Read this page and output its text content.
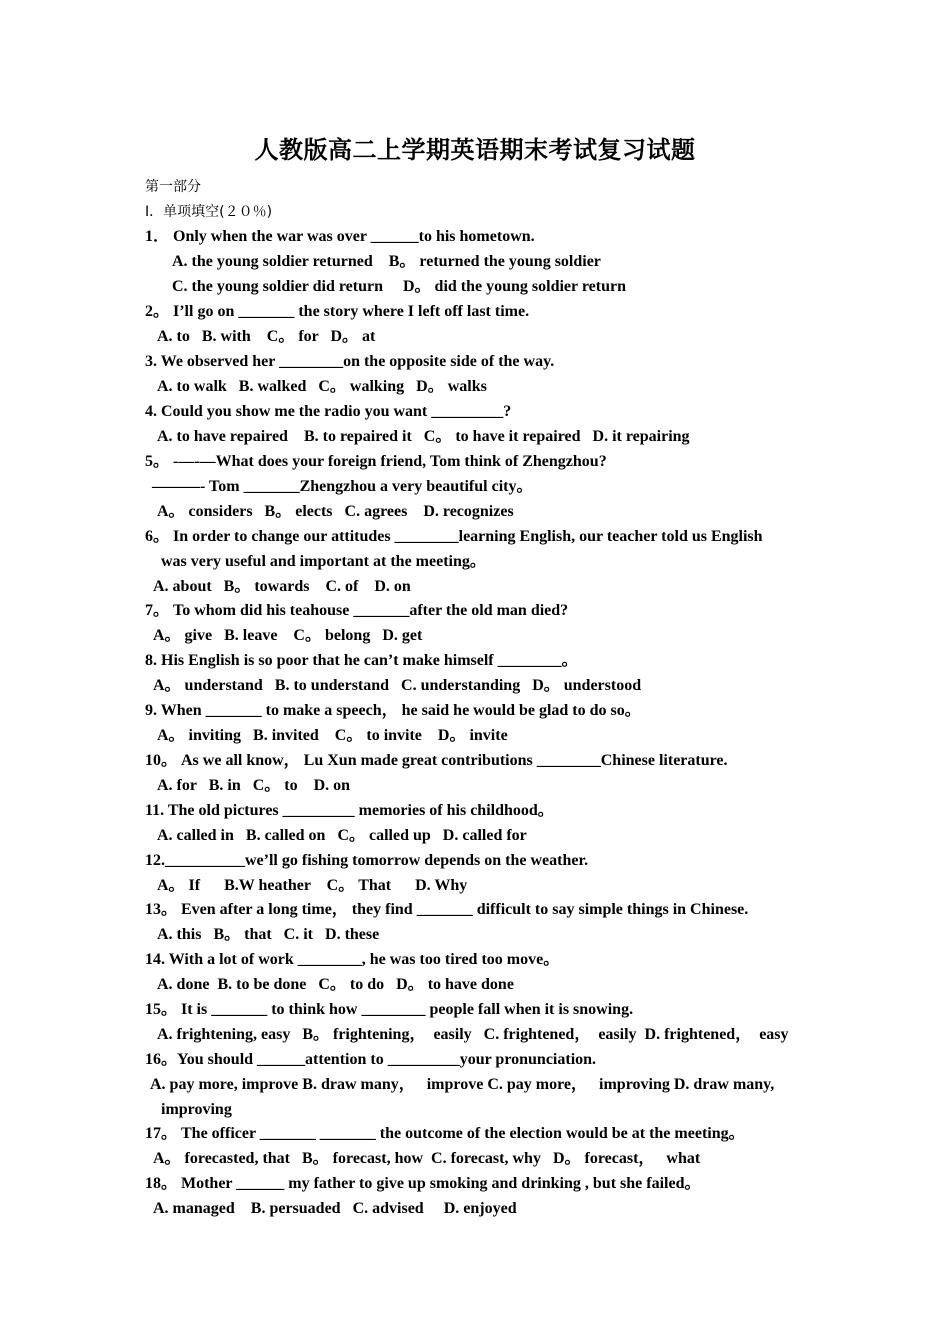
人教版高二上学期英语期末考试复习试题
第一部分
Ⅰ．单项填空(２０％)
1． Only when the war was over ______to his hometown.
A. the young soldier returned    B。 returned the young soldier
C. the young soldier did return     D。 did the young soldier return
2。 I’ll go on _______ the story where I left off last time.
A. to   B. with    C。 for   D。 at
3. We observed her ________on the opposite side of the way.
A. to walk   B. walked   C。 walking   D。 walks
4. Could you show me the radio you want _________?
A. to have repaired    B. to repaired it   C。 to have it repaired   D. it repairing
5。 -—-—What does your foreign friend, Tom think of Zhengzhou?
———- Tom _______Zhengzhou a very beautiful city。
A。 considers   B。 elects   C. agrees    D. recognizes
6。 In order to change our attitudes ________learning English, our teacher told us English
was very useful and important at the meeting。
A. about   B。 towards    C. of    D. on
7。 To whom did his teahouse _______after the old man died?
A。 give   B. leave    C。 belong   D. get
8. His English is so poor that he can’t make himself ________。
A。 understand   B. to understand   C. understanding   D。 understood
9. When _______ to make a speech， he said he would be glad to do so。
A。 inviting   B. invited    C。 to invite    D。 invite
10。 As we all know， Lu Xun made great contributions ________Chinese literature.
A. for   B. in   C。 to    D. on
11. The old pictures _________ memories of his childhood。
A. called in   B. called on   C。 called up   D. called for
12.__________we’ll go fishing tomorrow depends on the weather.
A。 If      B.W heather    C。 That      D. Why
13。 Even after a long time， they find _______ difficult to say simple things in Chinese.
A. this   B。 that   C. it   D. these
14. With a lot of work ________, he was too tired too move。
A. done  B. to be done   C。 to do   D。 to have done
15。 It is _______ to think how ________ people fall when it is snowing.
A. frightening, easy   B。 frightening，  easily   C. frightened，  easily  D. frightened，  easy
16。You should ______attention to _________your pronunciation.
A. pay more, improve B. draw many，   improve C. pay more，   improving D. draw many,
improving
17。 The officer _______ _______ the outcome of the election would be at the meeting。
A。 forecasted, that   B。 forecast, how  C. forecast, why   D。 forecast，   what
18。 Mother ______ my father to give up smoking and drinking , but she failed。
A. managed    B. persuaded   C. advised     D. enjoyed
